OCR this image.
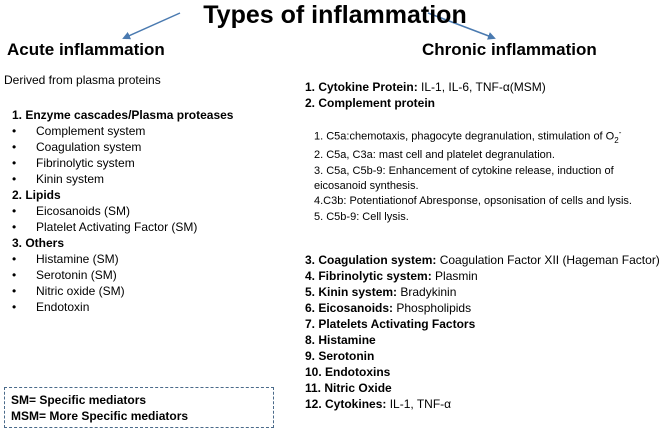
Types of inflammation
Acute inflammation
Derived from plasma proteins
1. Enzyme cascades/Plasma proteases
• Complement system
• Coagulation system
• Fibrinolytic system
• Kinin system
2. Lipids
• Eicosanoids (SM)
• Platelet Activating Factor (SM)
3. Others
• Histamine (SM)
• Serotonin (SM)
• Nitric oxide (SM)
• Endotoxin
Chronic inflammation
1. Cytokine Protein: IL-1, IL-6, TNF-α(MSM)
2. Complement protein
1. C5a:chemotaxis, phagocyte degranulation, stimulation of $O_2^-$
2. C5a, C3a: mast cell and platelet degranulation.
3. C5a, C5b-9: Enhancement of cytokine release, induction of eicosanoid synthesis.
4.C3b: Potentiationof Abresponse, opsonisation of cells and lysis.
5. C5b-9: Cell lysis.
3. Coagulation system: Coagulation Factor XII (Hageman Factor)
4. Fibrinolytic system: Plasmin
5. Kinin system: Bradykinin
6. Eicosanoids: Phospholipids
7. Platelets Activating Factors
8. Histamine
9. Serotonin
10. Endotoxins
11. Nitric Oxide
12. Cytokines: IL-1, TNF-α
SM= Specific mediators
MSM= More Specific mediators
